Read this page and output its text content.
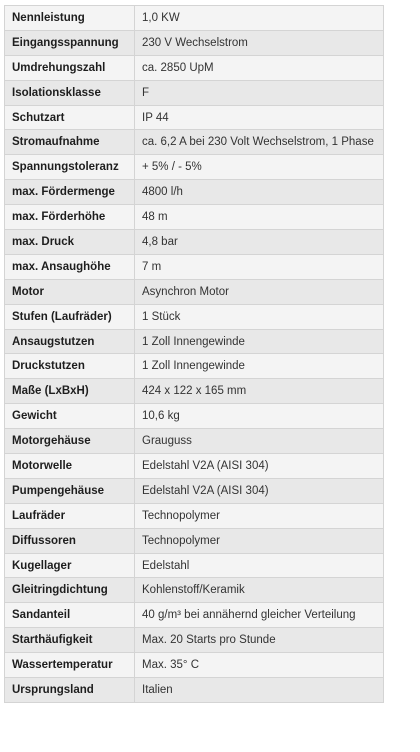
Nennleistung	1,0 KW
Eingangsspannung	230 V Wechselstrom
Umdrehungszahl	ca. 2850 UpM
Isolationsklasse	F
Schutzart	IP 44
Stromaufnahme	ca. 6,2 A bei 230 Volt Wechselstrom, 1 Phase
Spannungstoleranz	+ 5% / - 5%
max. Fördermenge	4800 l/h
max. Förderhöhe	48 m
max. Druck	4,8 bar
max. Ansaughöhe	7 m
Motor	Asynchron Motor
Stufen (Laufräder)	1 Stück
Ansaugstutzen	1 Zoll Innengewinde
Druckstutzen	1 Zoll Innengewinde
Maße (LxBxH)	424 x 122 x 165 mm
Gewicht	10,6 kg
Motorgehäuse	Grauguss
Motorwelle	Edelstahl V2A (AISI 304)
Pumpengehäuse	Edelstahl V2A (AISI 304)
Laufräder	Technopolymer
Diffussoren	Technopolymer
Kugellager	Edelstahl
Gleitringdichtung	Kohlenstoff/Keramik
Sandanteil	40 g/m³ bei annähernd gleicher Verteilung
Starthäufigkeit	Max. 20 Starts pro Stunde
Wassertemperatur	Max. 35° C
Ursprungsland	Italien
